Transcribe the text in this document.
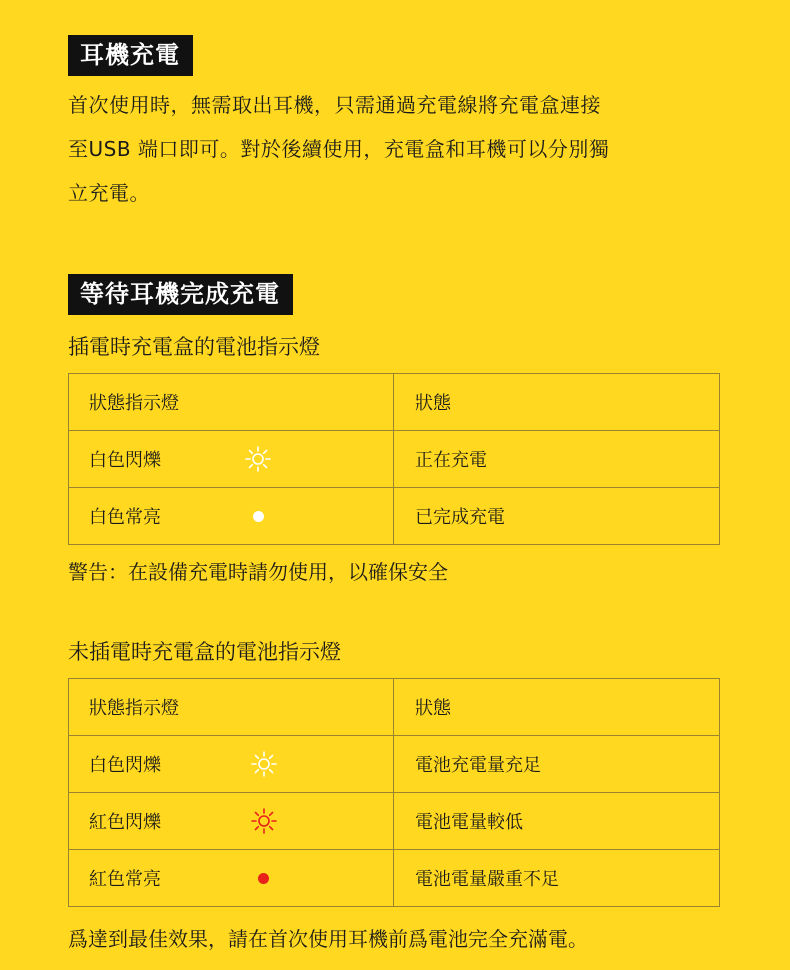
耳機充電
首次使用時，無需取出耳機，只需通過充電線將充電盒連接
至USB 端口即可。對於後續使用，充電盒和耳機可以分別獨
立充電。
等待耳機完成充電
插電時充電盒的電池指示燈
狀態指示燈	狀態

白色閃爍	正在充電

白色常亮	已完成充電
警告：在設備充電時請勿使用，以確保安全
未插電時充電盒的電池指示燈
狀態指示燈	狀態

白色閃爍	電池充電量充足

紅色閃爍	電池電量較低

紅色常亮	電池電量嚴重不足
爲達到最佳效果，請在首次使用耳機前爲電池完全充滿電。
